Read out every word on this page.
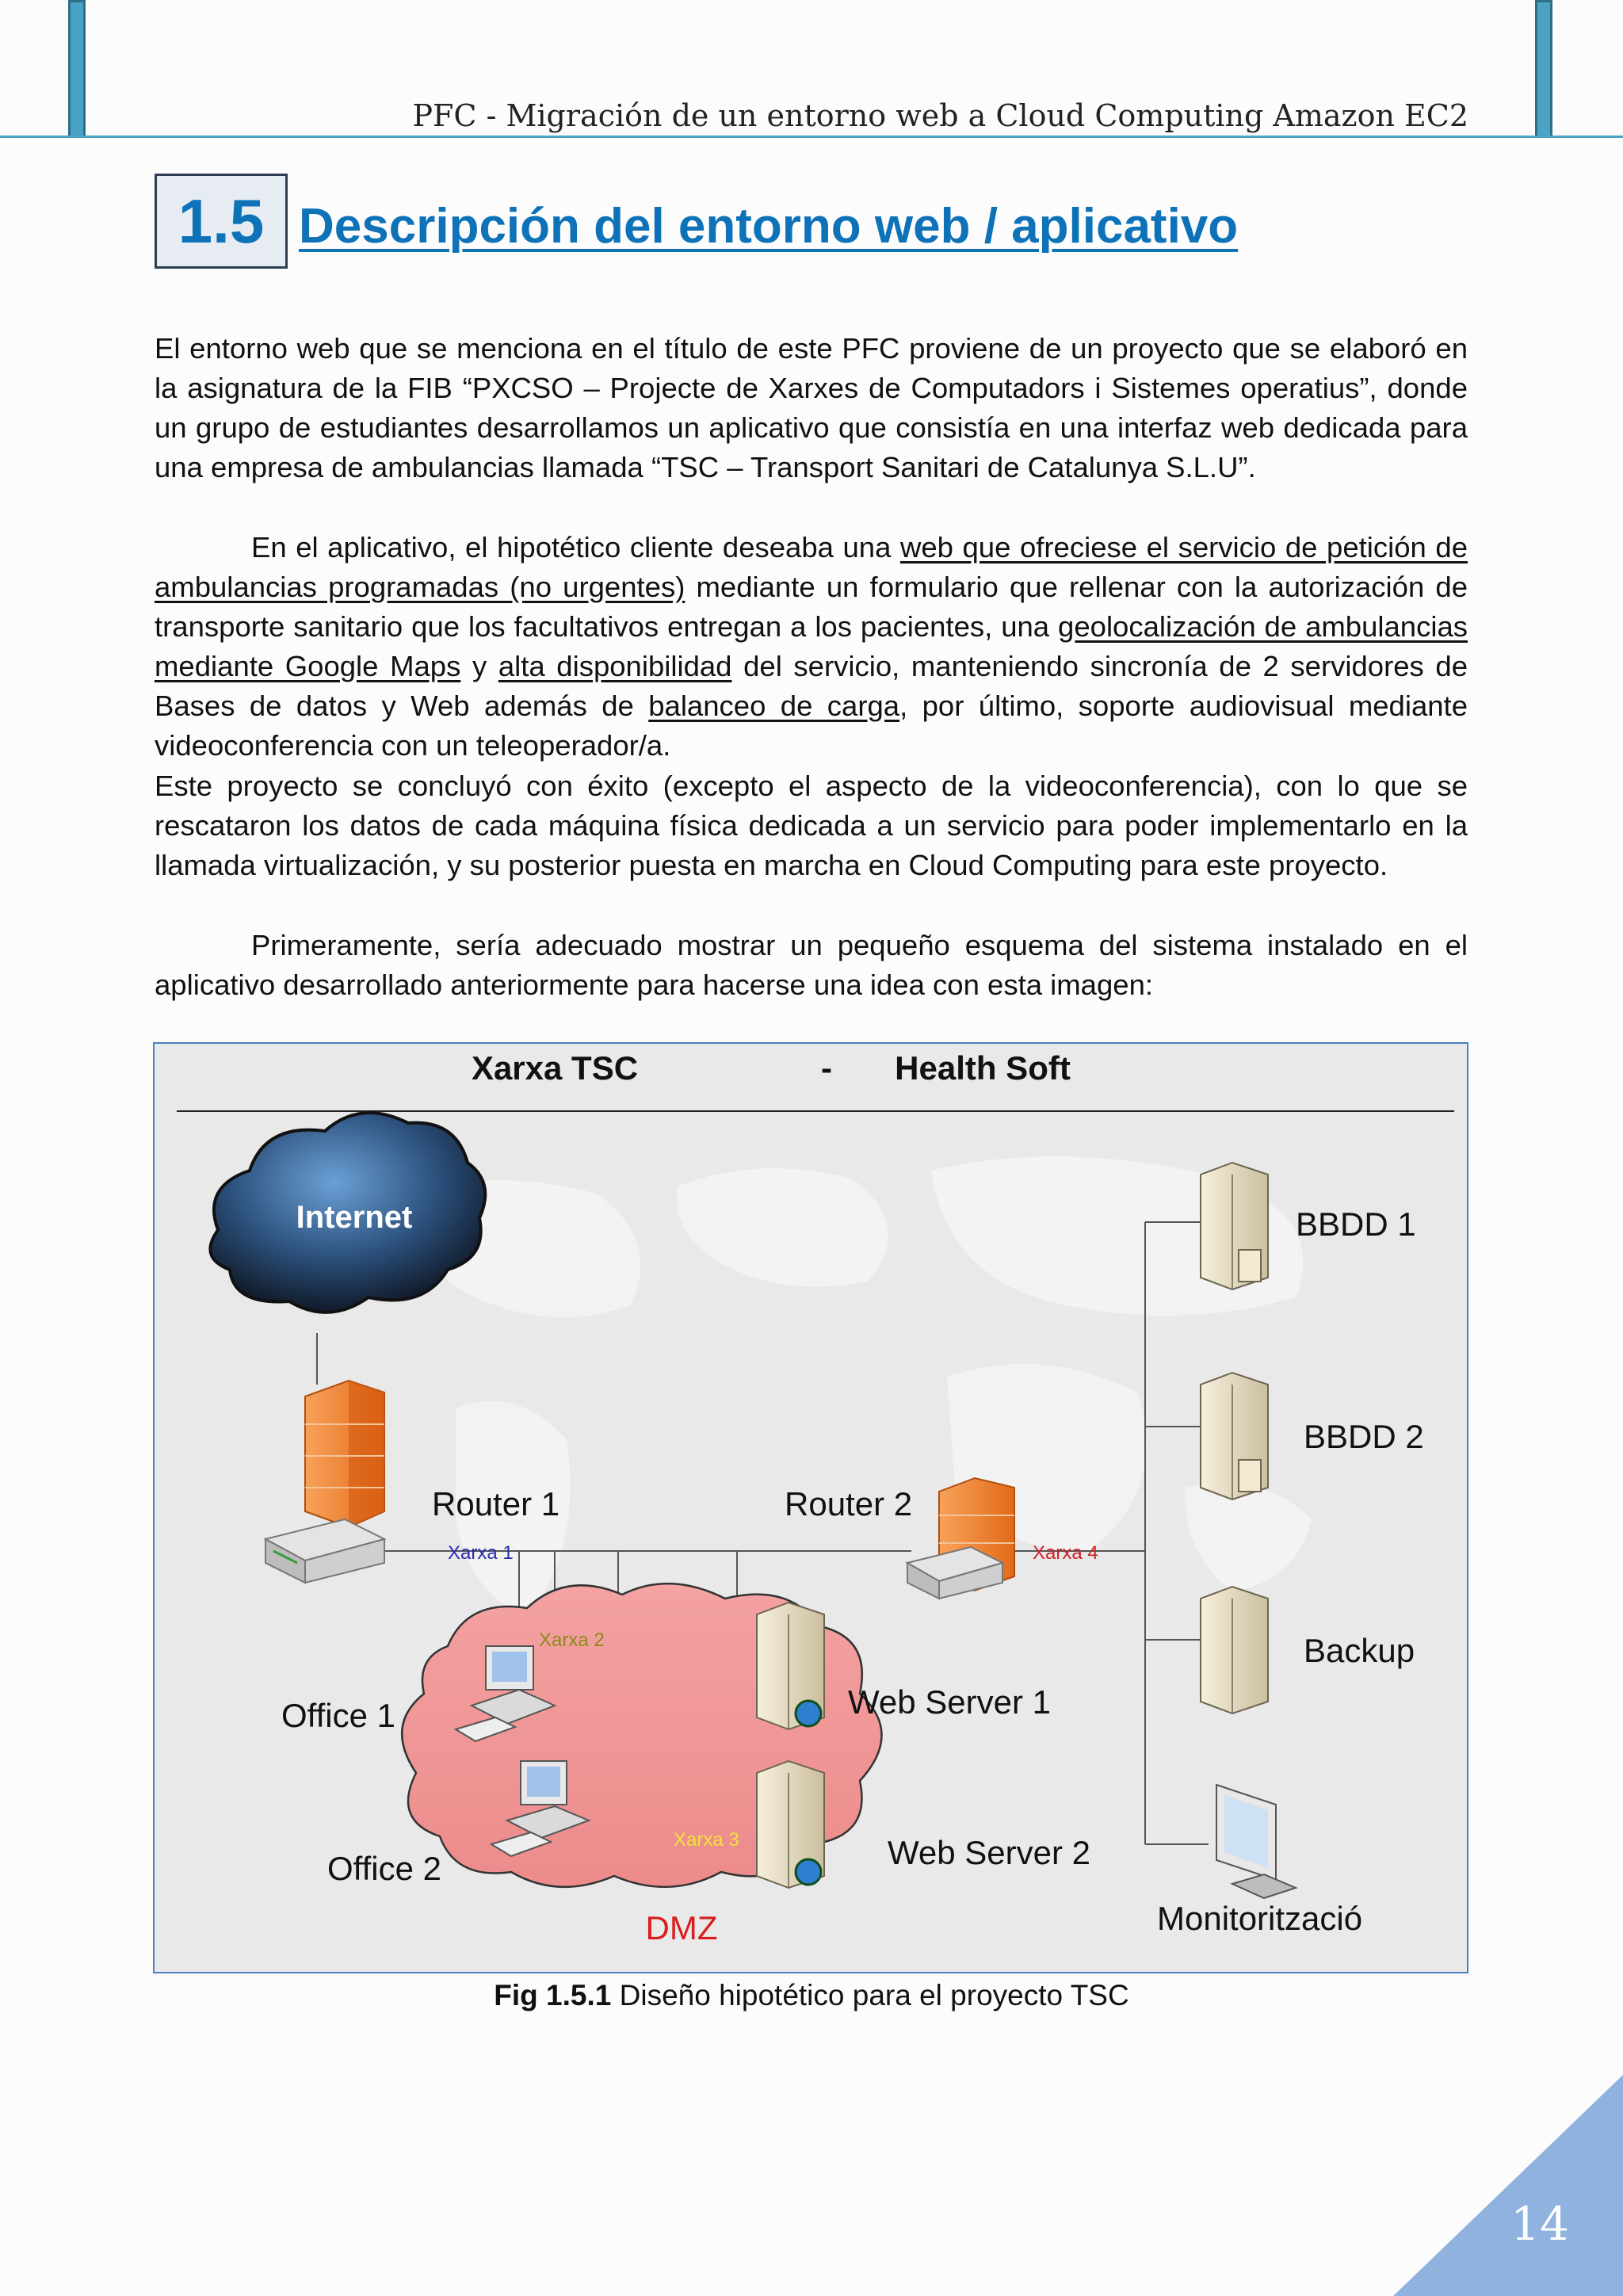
PFC - Migración de un entorno web a Cloud Computing Amazon EC2
1.5 Descripción del entorno web / aplicativo
El entorno web que se menciona en el título de este PFC proviene de un proyecto que se elaboró en la asignatura de la FIB “PXCSO – Projecte de Xarxes de Computadors i Sistemes operatius”, donde un grupo de estudiantes desarrollamos un aplicativo que consistía en una interfaz web dedicada para una empresa de ambulancias llamada “TSC – Transport Sanitari de Catalunya S.L.U”.
En el aplicativo, el hipotético cliente deseaba una web que ofreciese el servicio de petición de ambulancias programadas (no urgentes) mediante un formulario que rellenar con la autorización de transporte sanitario que los facultativos entregan a los pacientes, una geolocalización de ambulancias mediante Google Maps y alta disponibilidad del servicio, manteniendo sincronía de 2 servidores de Bases de datos y Web además de balanceo de carga, por último, soporte audiovisual mediante videoconferencia con un teleoperador/a.
Este proyecto se concluyó con éxito (excepto el aspecto de la videoconferencia), con lo que se rescataron los datos de cada máquina física dedicada a un servicio para poder implementarlo en la llamada virtualización, y su posterior puesta en marcha en Cloud Computing para este proyecto.
Primeramente, sería adecuado mostrar un pequeño esquema del sistema instalado en el aplicativo desarrollado anteriormente para hacerse una idea con esta imagen:
Xarxa TSC	- Health Soft
Internet
Router 1
Xarxa 1
Router 2
Xarxa 4
Xarxa 2
Xarxa 3
DMZ
Office 1
Office 2
Web Server 1
Web Server 2
BBDD 1
BBDD 2
Backup
Monitorització
Fig 1.5.1 Diseño hipotético para el proyecto TSC
14
